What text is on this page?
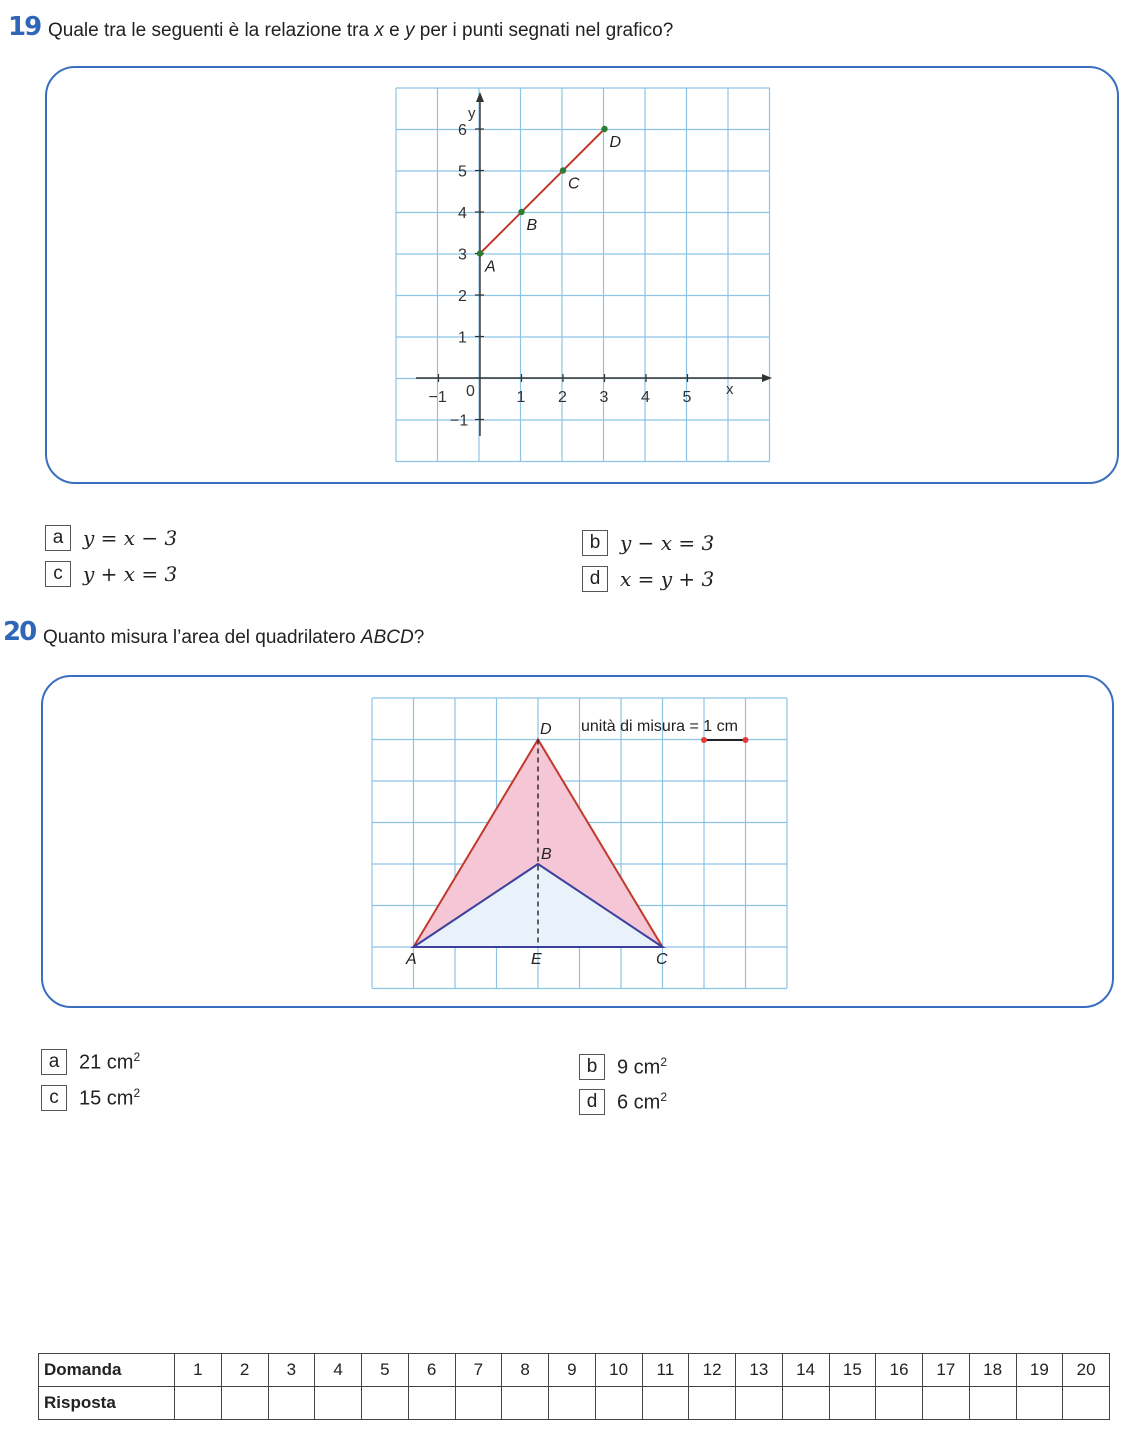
19 Quale tra le seguenti è la relazione tra x e y per i punti segnati nel grafico?
−1	1 2 3 4 5
−1
1
2
3
4
5
6
0	x
y
A
B
C
D
a y = x − 3	b y − x = 3
c	y + x = 3	d x = y + 3
20 Quanto misura l’area del quadrilatero ABCD?
unità di misura = 1 cm
D
B
A	E	C
a 21 $cm^2$	b 9 $cm^2$
c	15 $cm^2$	d 6 $cm^2$
Domanda	1	2	3	4	5	6	7	8	9	10	11	12	13	14	15	16	17	18	19	20
Risposta																				
